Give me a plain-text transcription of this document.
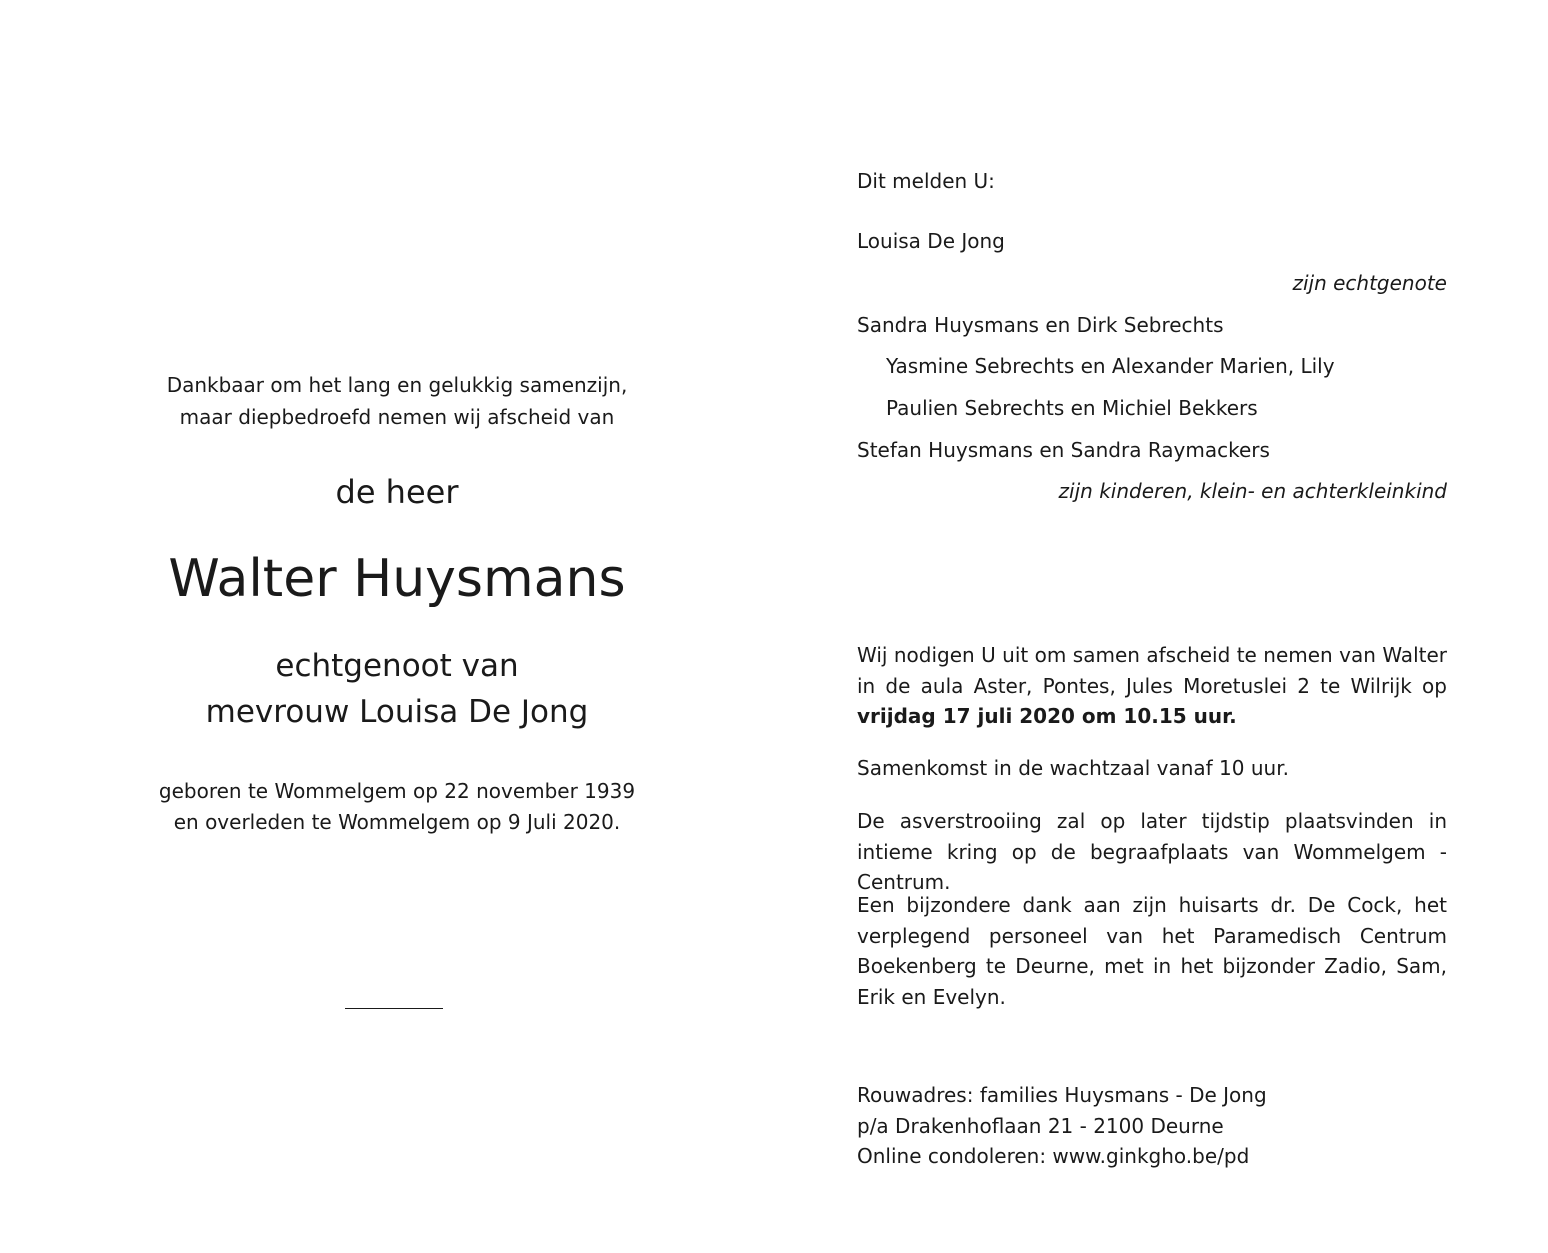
Dankbaar om het lang en gelukkig samenzijn,
maar diepbedroefd nemen wij afscheid van
de heer
Walter Huysmans
echtgenoot van
mevrouw Louisa De Jong
geboren te Wommelgem op 22 november 1939
en overleden te Wommelgem op 9 Juli 2020.
Dit melden U:
Louisa De Jong
zijn echtgenote
Sandra Huysmans en Dirk Sebrechts
Yasmine Sebrechts en Alexander Marien, Lily
Paulien Sebrechts en Michiel Bekkers
Stefan Huysmans en Sandra Raymackers
zijn kinderen, klein- en achterkleinkind
Wij nodigen U uit om samen afscheid te nemen van Walter in de aula Aster, Pontes, Jules Moretuslei 2 te Wilrijk op vrijdag 17 juli 2020 om 10.15 uur.
Samenkomst in de wachtzaal vanaf 10 uur.
De asverstrooiing zal op later tijdstip plaatsvinden in intieme kring op de begraafplaats van Wommelgem - Centrum.
Een bijzondere dank aan zijn huisarts dr. De Cock, het verplegend personeel van het Paramedisch Centrum Boekenberg te Deurne, met in het bijzonder Zadio, Sam, Erik en Evelyn.
Rouwadres: families Huysmans - De Jong
p/a Drakenhoflaan 21 - 2100 Deurne
Online condoleren: www.ginkgho.be/pd
